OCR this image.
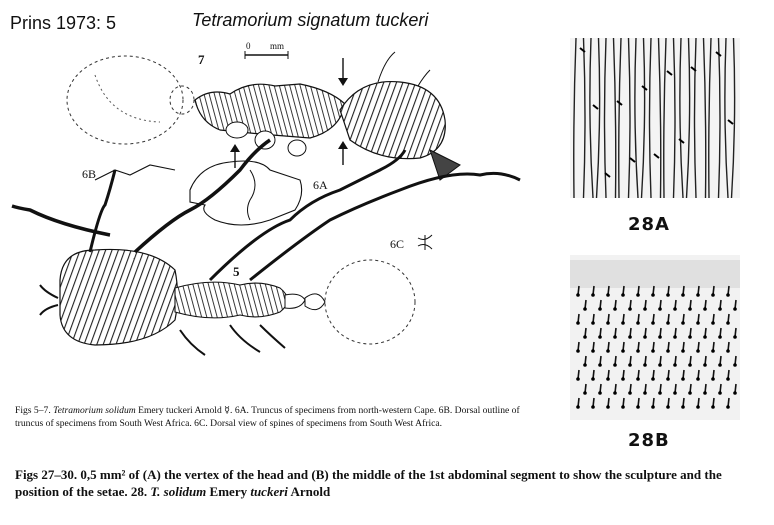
Prins 1973: 5	Tetramorium signatum tuckeri
7
0 mm
6B
6A
6C
5
28A
28B
Figs 5–7. Tetramorium solidum Emery tuckeri Arnold ☿. 6A. Truncus of specimens from north-western Cape. 6B. Dorsal outline of truncus of specimens from South West Africa. 6C. Dorsal view of spines of specimens from South West Africa.
Figs 27–30. 0,5 mm² of (A) the vertex of the head and (B) the middle of the 1st abdominal segment to show the sculpture and the position of the setae. 28. T. solidum Emery tuckeri Arnold
